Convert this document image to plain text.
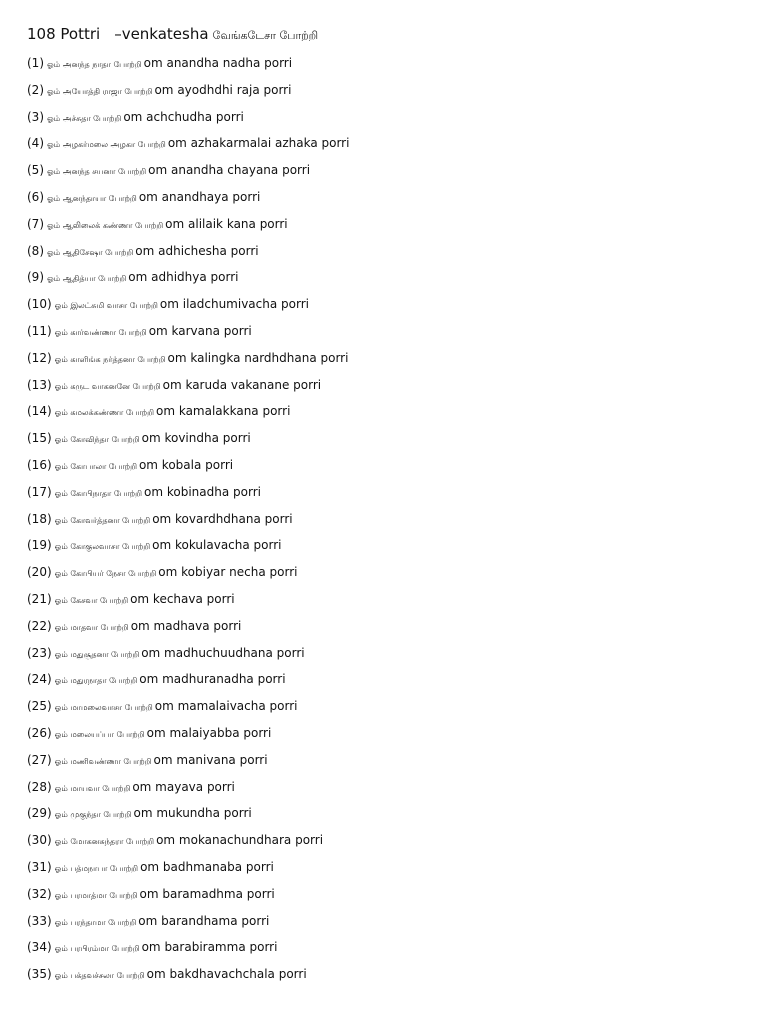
108 Pottri –venkatesha வேங்கடேசா போற்றி
(1) ஓம் அனந்த நாதா போற்றி om anandha nadha porri
(2) ஓம் அயோத்தி ராஜா போற்றி om ayodhdhi raja porri
(3) ஓம் அச்சுதா போற்றி om achchudha porri
(4) ஓம் அழகர்மலை அழகா போற்றி om azhakarmalai azhaka porri
(5) ஓம் அனந்த சயனா போற்றி om anandha chayana porri
(6) ஓம் ஆனந்தாயா போற்றி om anandhaya porri
(7) ஓம் ஆலிலைக் கண்ணா போற்றி om alilaik kana porri
(8) ஓம் ஆதிசேஷா போற்றி om adhichesha porri
(9) ஓம் ஆதித்யா போற்றி om adhidhya porri
(10) ஓம் இலட்சுமி வாசா போற்றி om iladchumivacha porri
(11) ஓம் கார்வண்ணா போற்றி om karvana porri
(12) ஓம் காளிங்க நர்த்தனா போற்றி om kalingka nardhdhana porri
(13) ஓம் கருட வாகனனே போற்றி om karuda vakanane porri
(14) ஓம் கமலக்கண்ணா போற்றி om kamalakkana porri
(15) ஓம் கோவிந்தா போற்றி om kovindha porri
(16) ஓம் கோபாலா போற்றி om kobala porri
(17) ஓம் கோபிநாதா போற்றி om kobinadha porri
(18) ஓம் கோவர்த்தனா போற்றி om kovardhdhana porri
(19) ஓம் கோகுலவாசா போற்றி om kokulavacha porri
(20) ஓம் கோபியர் நேசா போற்றி om kobiyar necha porri
(21) ஓம் கேசவா போற்றி om kechava porri
(22) ஓம் மாதவா போற்றி om madhava porri
(23) ஓம் மதுசூதனா போற்றி om madhuchuudhana porri
(24) ஓம் மதுரநாதா போற்றி om madhuranadha porri
(25) ஓம் மாமலைவாசா போற்றி om mamalaivacha porri
(26) ஓம் மலையப்பா போற்றி om malaiyabba porri
(27) ஓம் மணிவண்ணா போற்றி om manivana porri
(28) ஓம் மாயவா போற்றி om mayava porri
(29) ஓம் முகுந்தா போற்றி om mukundha porri
(30) ஓம் மோகனசுந்தரா போற்றி om mokanachundhara porri
(31) ஓம் பத்மநாபா போற்றி om badhmanaba porri
(32) ஓம் பரமாத்மா போற்றி om baramadhma porri
(33) ஓம் பரந்தாமா போற்றி om barandhama porri
(34) ஓம் பரபிரம்மா போற்றி om barabiramma porri
(35) ஓம் பக்தவச்சலா போற்றி om bakdhavachchala porri
